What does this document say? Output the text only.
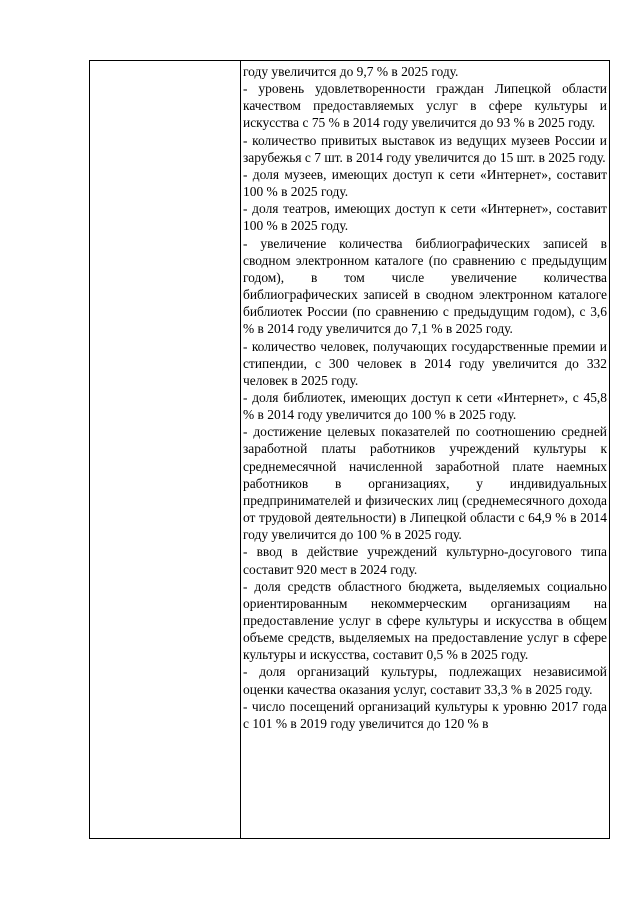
году увеличится до 9,7 % в 2025 году.

- уровень удовлетворенности граждан Липецкой области качеством предоставляемых услуг в сфере культуры и искусства с 75 % в 2014 году увеличится до 93 % в 2025 году.

- количество привитых выставок из ведущих музеев России и зарубежья с 7 шт. в 2014 году увеличится до 15 шт. в 2025 году.

- доля музеев, имеющих доступ к сети «Интернет», составит 100 % в 2025 году.

- доля театров, имеющих доступ к сети «Интернет», составит 100 % в 2025 году.

- увеличение количества библиографических записей в сводном электронном каталоге (по сравнению с предыдущим годом), в том числе увеличение количества библиографических записей в сводном электронном каталоге библиотек России (по сравнению с предыдущим годом), с 3,6 % в 2014 году увеличится до 7,1 % в 2025 году.

- количество человек, получающих государственные премии и стипендии, с 300 человек в 2014 году увеличится до 332 человек в 2025 году.

- доля библиотек, имеющих доступ к сети «Интернет», с 45,8 % в 2014 году увеличится до 100 % в 2025 году.

- достижение целевых показателей по соотношению средней заработной платы работников учреждений культуры к среднемесячной начисленной заработной плате наемных работников в организациях, у индивидуальных предпринимателей и физических лиц (среднемесячного дохода от трудовой деятельности) в Липецкой области с 64,9 % в 2014 году увеличится до 100 % в 2025 году.

- ввод в действие учреждений культурно-досугового типа составит 920 мест в 2024 году.

- доля средств областного бюджета, выделяемых социально ориентированным некоммерческим организациям на предоставление услуг в сфере культуры и искусства в общем объеме средств, выделяемых на предоставление услуг в сфере культуры и искусства, составит 0,5 % в 2025 году.

- доля организаций культуры, подлежащих независимой оценки качества оказания услуг, составит 33,3 % в 2025 году.

- число посещений организаций культуры к уровню 2017 года с 101 % в 2019 году увеличится до 120 % в
